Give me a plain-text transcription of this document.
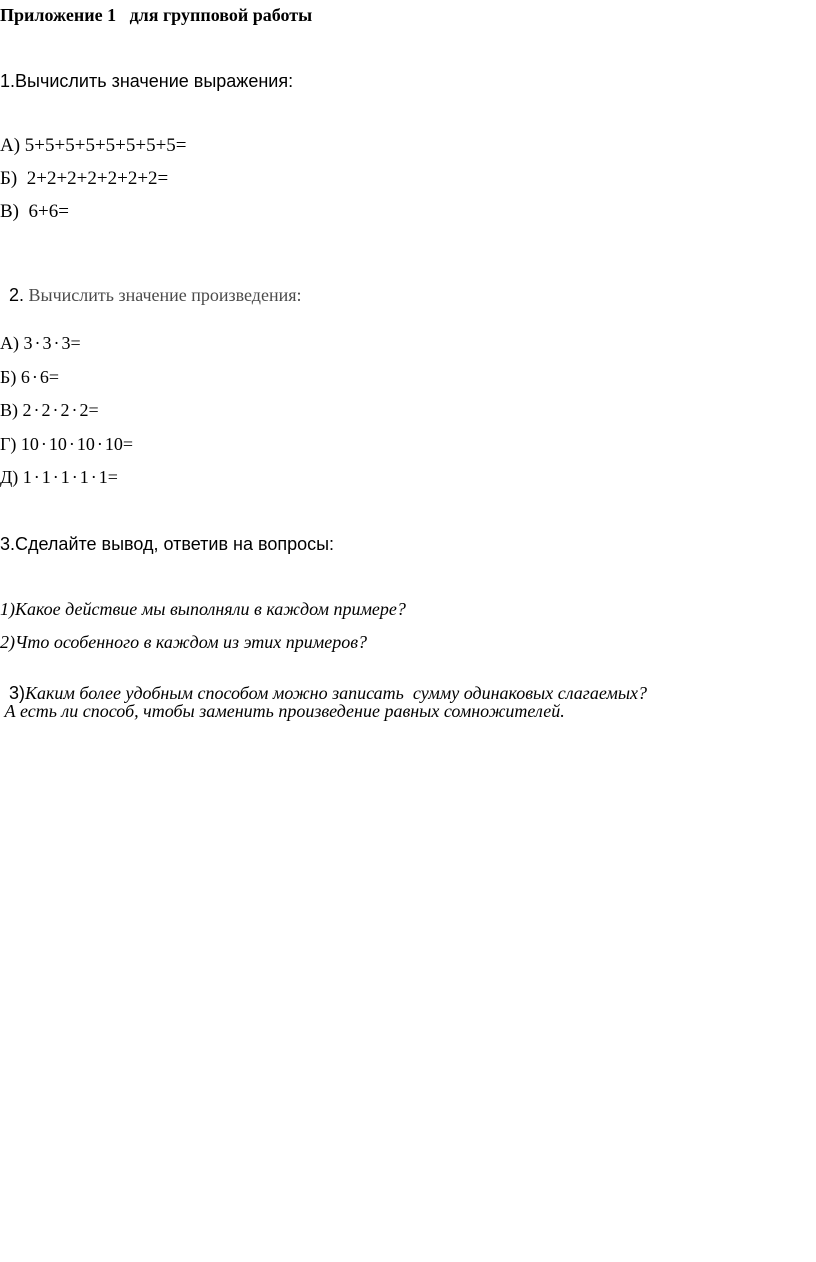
Приложение 1   для групповой работы
1.Вычислить значение выражения:
А) 5+5+5+5+5+5+5+5=
Б)  2+2+2+2+2+2+2=
В)  6+6=

2. Вычислить значение произведения:

А) 3 · 3 · 3=
Б) 6 · 6=
В) 2 · 2 · 2 · 2=
Г) 10 · 10 · 10 · 10=
Д) 1 · 1 · 1 · 1 · 1=
3.Сделайте вывод, ответив на вопросы:
1)Какое действие мы выполняли в каждом примере?
2)Что особенного в каждом из этих примеров?

3)Каким более удобным способом можно записать  сумму одинаковых слагаемых?

А есть ли способ, чтобы заменить произведение равных сомножителей.
